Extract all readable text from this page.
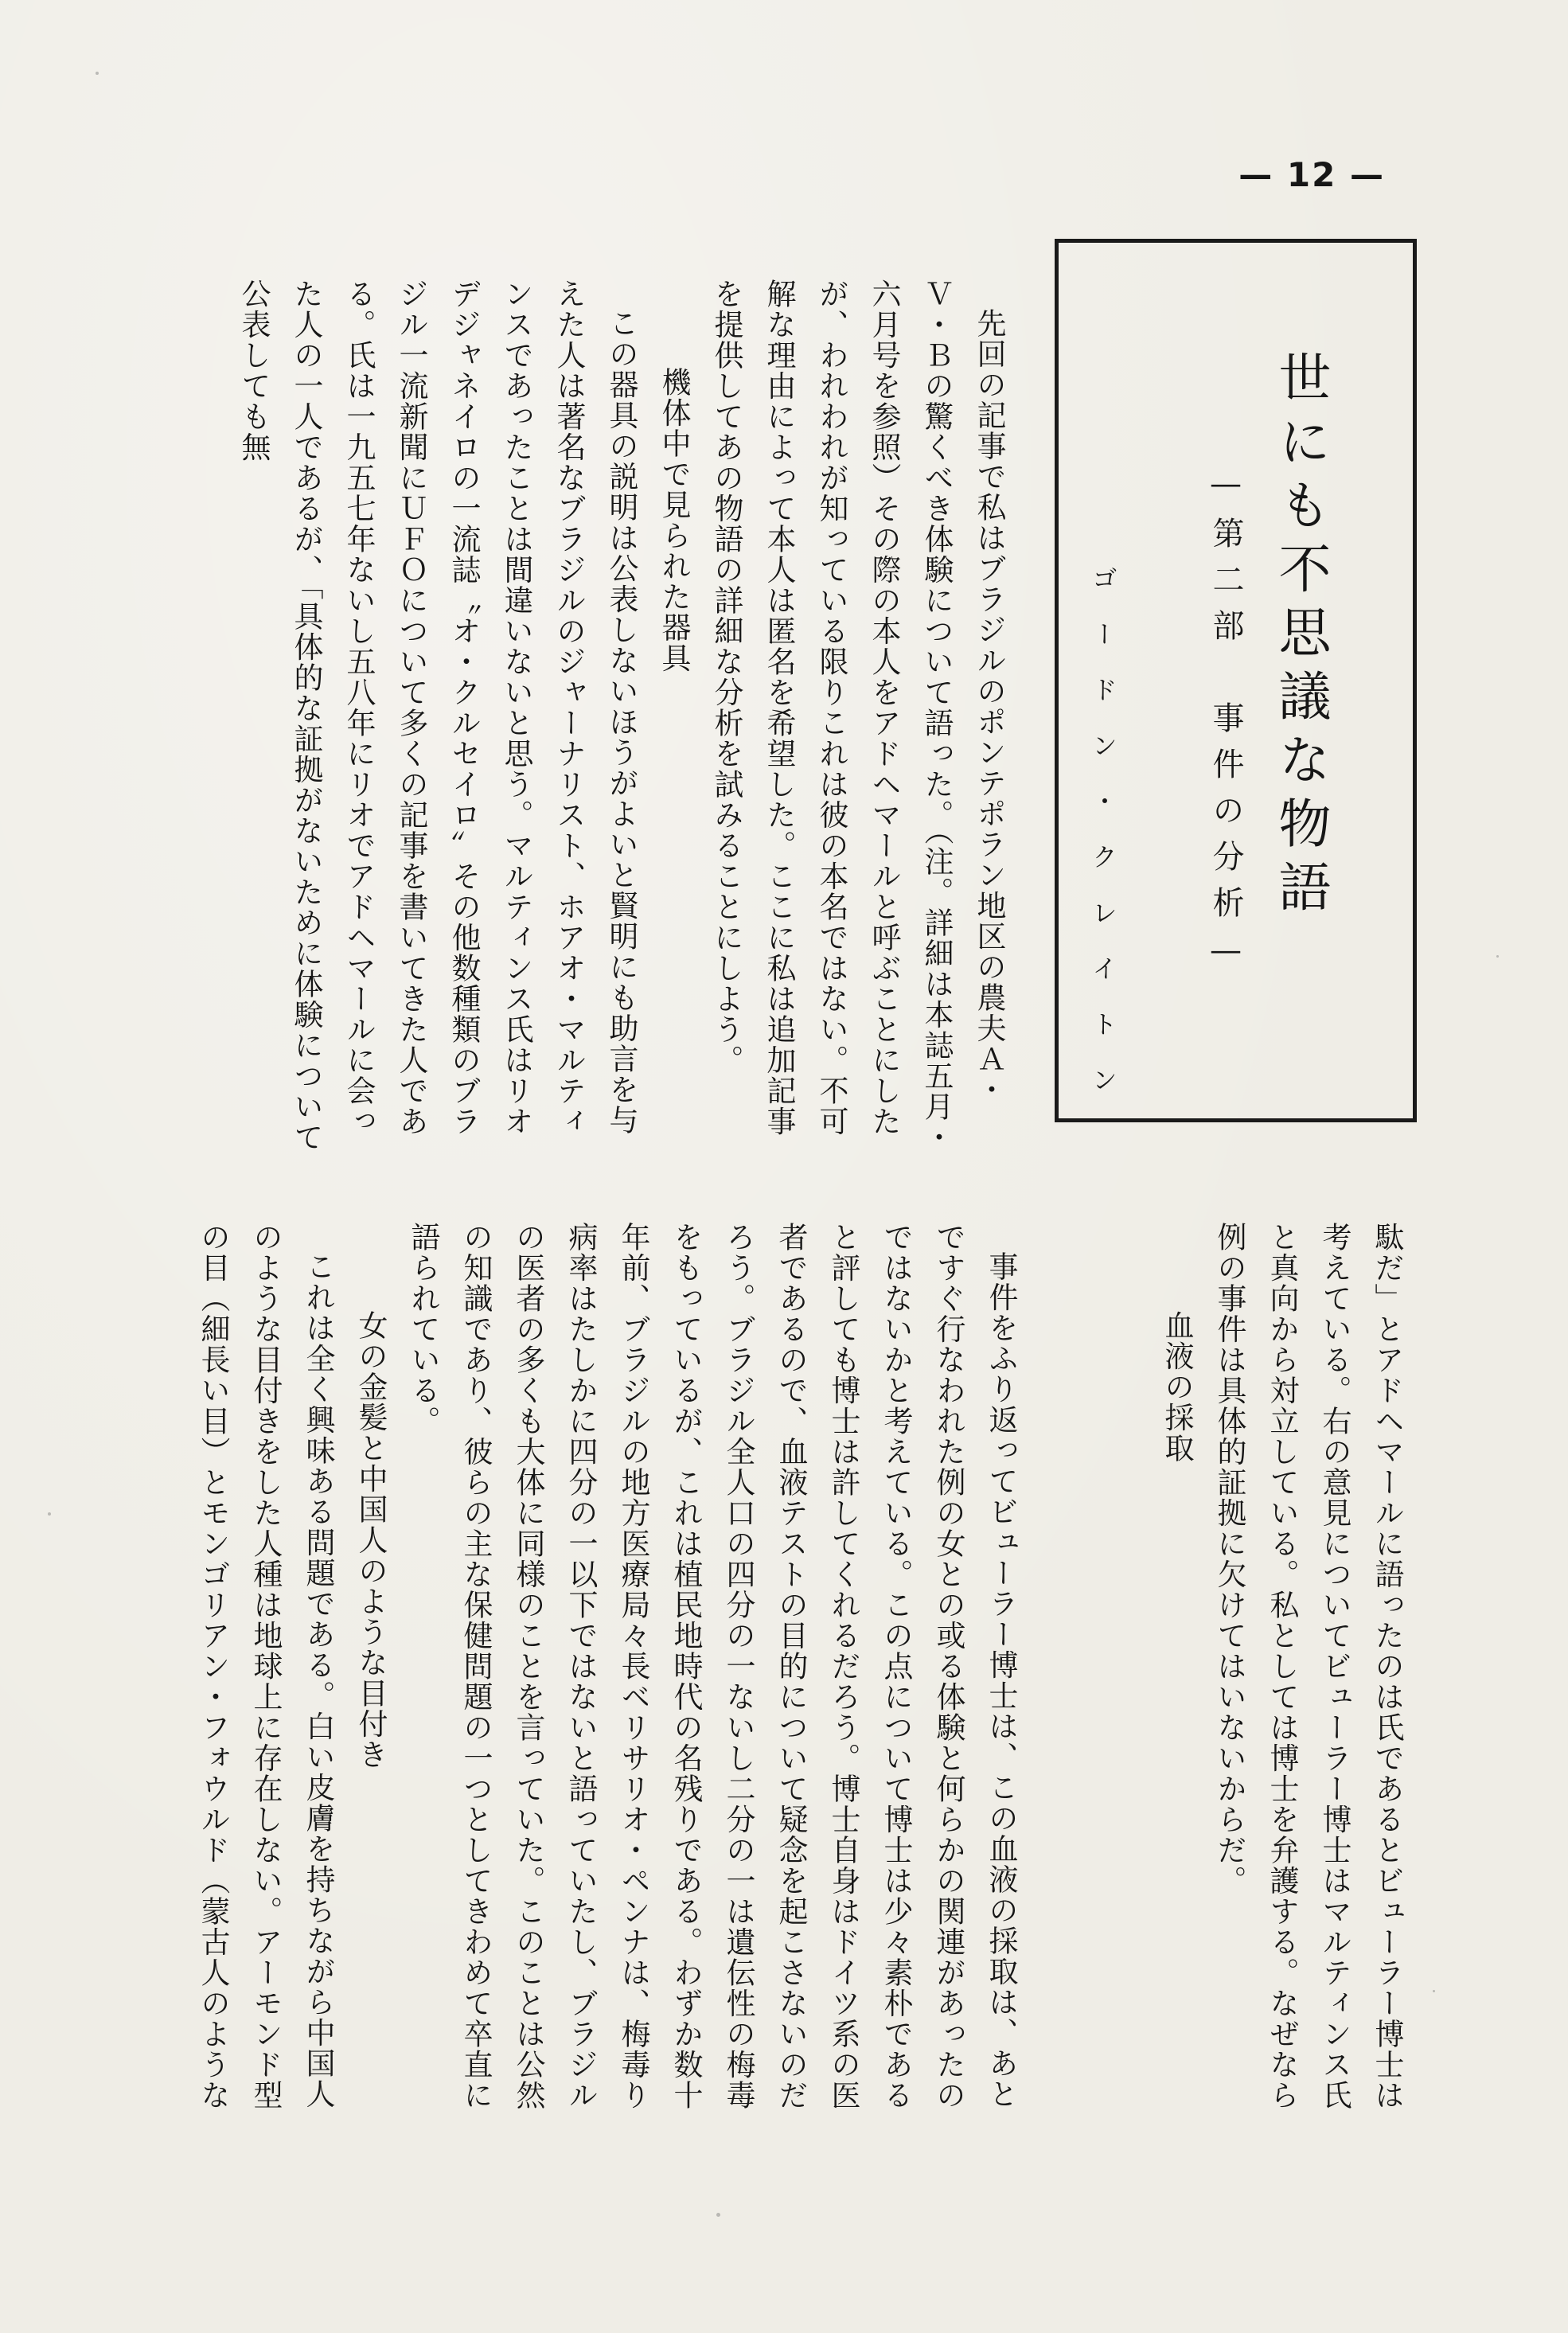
— 12 —
世にも不思議な物語
—第二部　事件の分析—
ゴードン・クレイトン

先回の記事で私はブラジルのポンテポラン地区の農夫Ａ・Ｖ・Ｂの驚くべき体験について語った。（注。詳細は本誌五月・六月号を参照）その際の本人をアドヘマールと呼ぶことにしたが、われわれが知っている限りこれは彼の本名ではない。不可解な理由によって本人は匿名を希望した。ここに私は追加記事を提供してあの物語の詳細な分析を試みることにしよう。

機体中で見られた器具

この器具の説明は公表しないほうがよいと賢明にも助言を与えた人は著名なブラジルのジャーナリスト、ホアオ・マルティンスであったことは間違いないと思う。マルティンス氏はリオデジャネイロの一流誌〝オ・クルセイロ〟その他数種類のブラジル一流新聞にＵＦＯについて多くの記事を書いてきた人である。氏は一九五七年ないし五八年にリオでアドヘマールに会った人の一人であるが、「具体的な証拠がないために体験について公表しても無

駄だ」とアドヘマールに語ったのは氏であるとビューラー博士は考えている。右の意見についてビューラー博士はマルティンス氏と真向から対立している。私としては博士を弁護する。なぜなら例の事件は具体的証拠に欠けてはいないからだ。

血液の採取

事件をふり返ってビューラー博士は、この血液の採取は、あとですぐ行なわれた例の女との或る体験と何らかの関連があったのではないかと考えている。この点について博士は少々素朴であると評しても博士は許してくれるだろう。博士自身はドイツ系の医者であるので、血液テストの目的について疑念を起こさないのだろう。ブラジル全人口の四分の一ないし二分の一は遺伝性の梅毒をもっているが、これは植民地時代の名残りである。わずか数十年前、ブラジルの地方医療局々長ベリサリオ・ペンナは、梅毒り病率はたしかに四分の一以下ではないと語っていたし、ブラジルの医者の多くも大体に同様のことを言っていた。このことは公然の知識であり、彼らの主な保健問題の一つとしてきわめて卒直に語られている。

女の金髪と中国人のような目付き

これは全く興味ある問題である。白い皮膚を持ちながら中国人のような目付きをした人種は地球上に存在しない。アーモンド型の目（細長い目）とモンゴリアン・フォウルド（蒙古人のような
